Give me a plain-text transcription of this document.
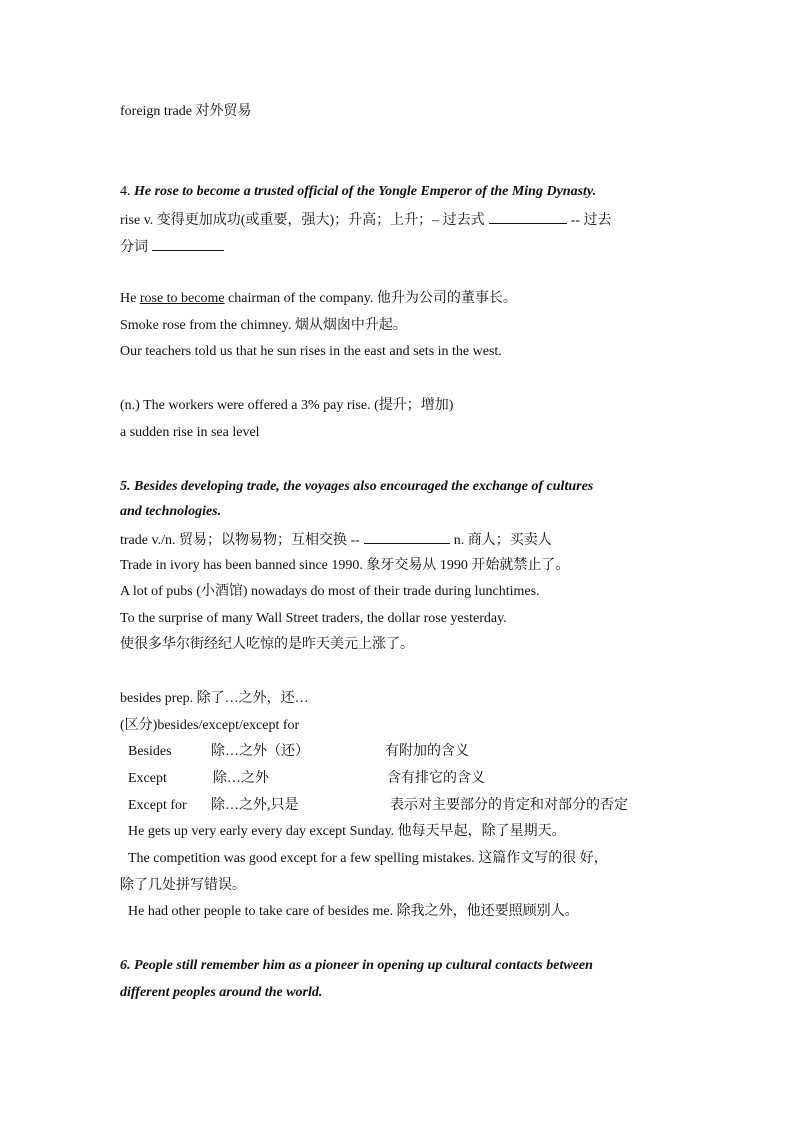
foreign trade 对外贸易
4. He rose to become a trusted official of the Yongle Emperor of the Ming Dynasty.
rise v. 变得更加成功(或重要，强大)；升高；上升；– 过去式	-- 过去
分词
He rose to become chairman of the company. 他升为公司的董事长。
Smoke rose from the chimney. 烟从烟囱中升起。
Our teachers told us that he sun rises in the east and sets in the west.
(n.) The workers were offered a 3% pay rise. (提升；增加)
a sudden rise in sea level
5. Besides developing trade, the voyages also encouraged the exchange of cultures
and technologies.
trade v./n. 贸易；以物易物；互相交换 --	n. 商人；买卖人
Trade in ivory has been banned since 1990. 象牙交易从 1990 开始就禁止了。
A lot of pubs (小酒馆) nowadays do most of their trade during lunchtimes.
To the surprise of many Wall Street traders, the dollar rose yesterday.
使很多华尔街经纪人吃惊的是昨天美元上涨了。
besides prep. 除了…之外，还…
(区分)besides/except/except for
Besides	除…之外（还）	有附加的含义
Except	除…之外	含有排它的含义
Except for 除…之外,只是	表示对主要部分的肯定和对部分的否定
He gets up very early every day except Sunday. 他每天早起，除了星期天。
The competition was good except for a few spelling mistakes. 这篇作文写的很 好，
除了几处拼写错误。
He had other people to take care of besides me. 除我之外，他还要照顾别人。
6. People still remember him as a pioneer in opening up cultural contacts between
different peoples around the world.
